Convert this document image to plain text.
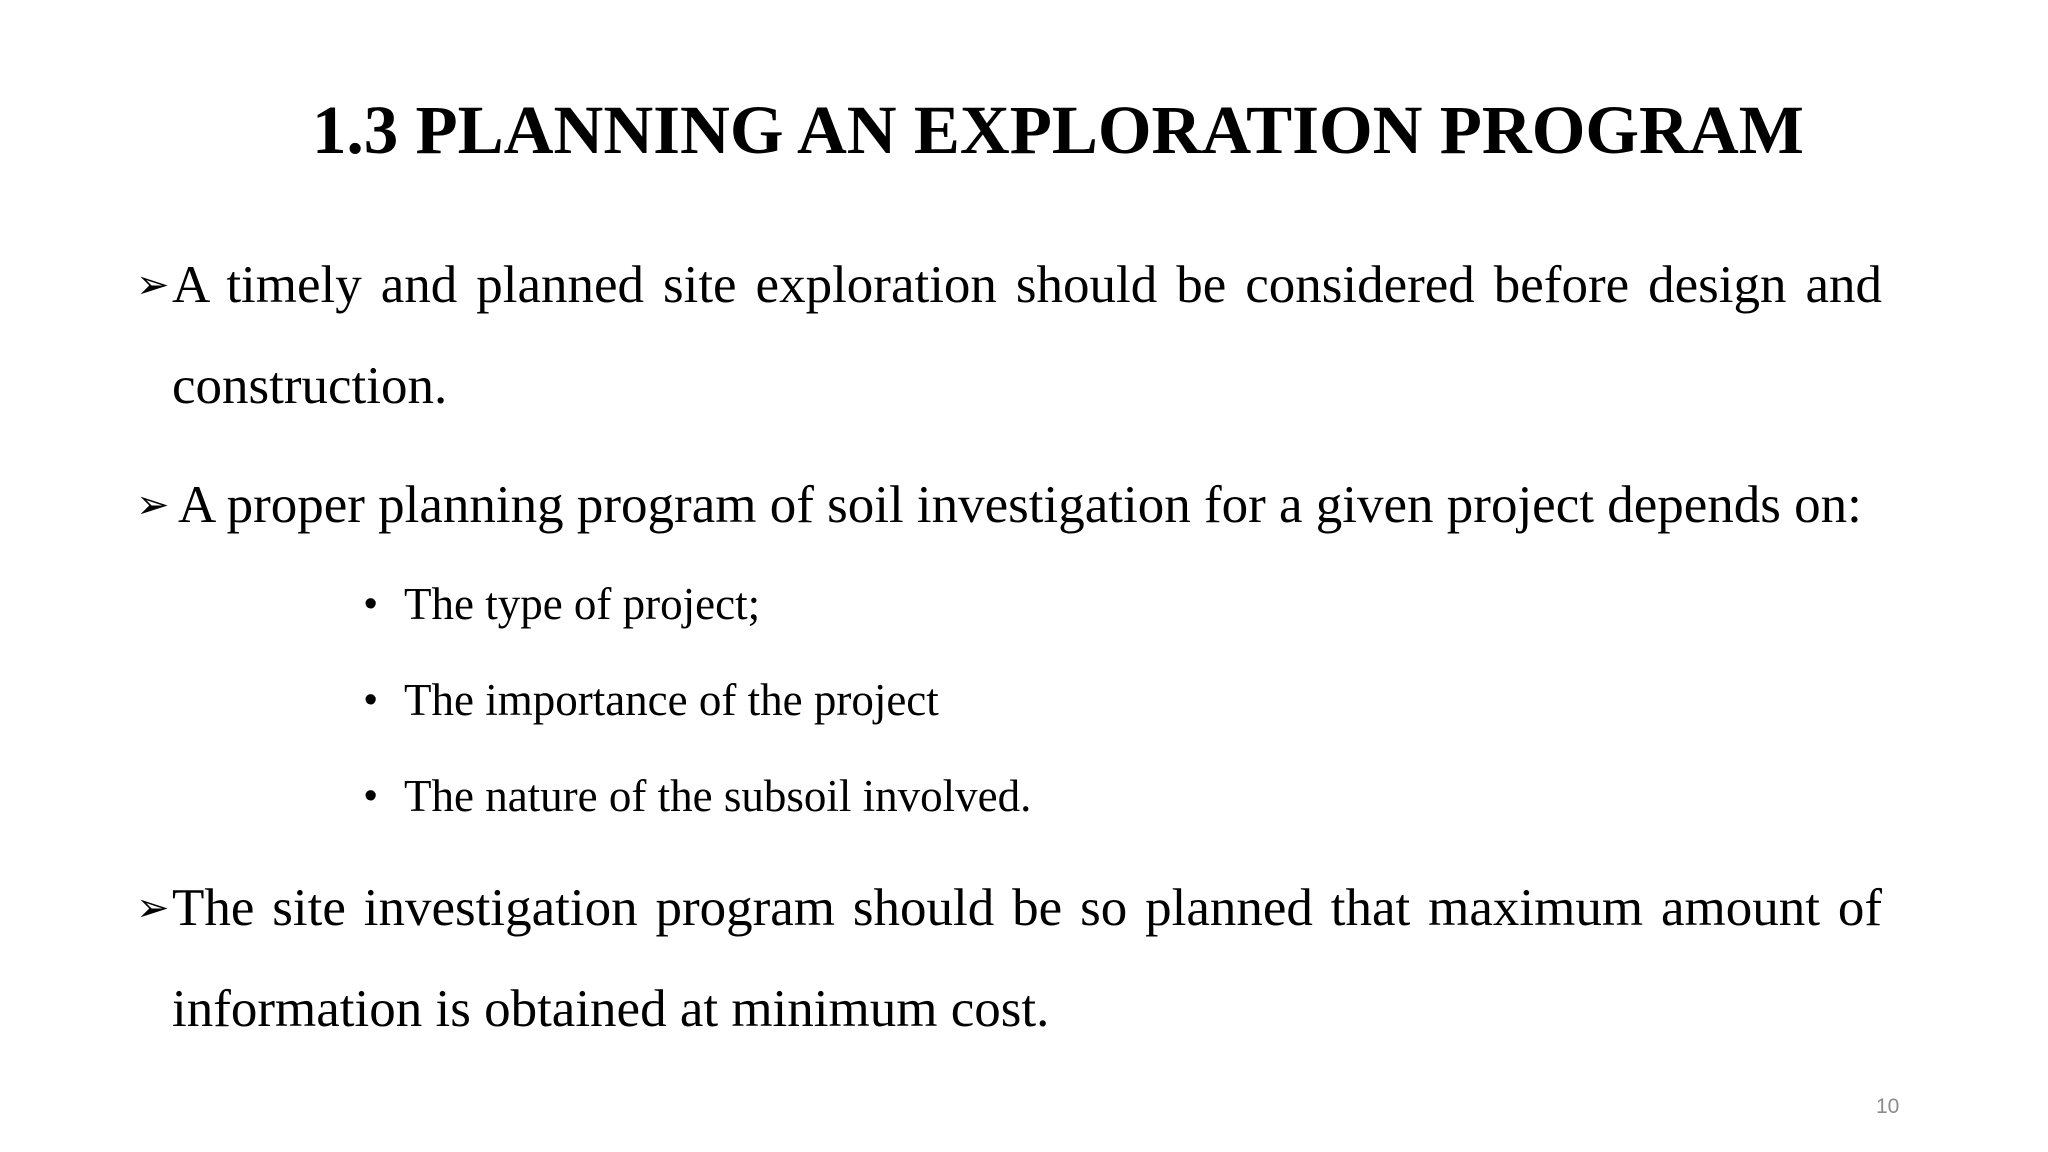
1.3 PLANNING AN EXPLORATION PROGRAM
➢ A timely and planned site exploration should be considered before design and construction.
➢ A proper planning program of soil investigation for a given project depends on:
• The type of project;
• The importance of the project
• The nature of the subsoil involved.
➢ The site investigation program should be so planned that maximum amount of information is obtained at minimum cost.
10
